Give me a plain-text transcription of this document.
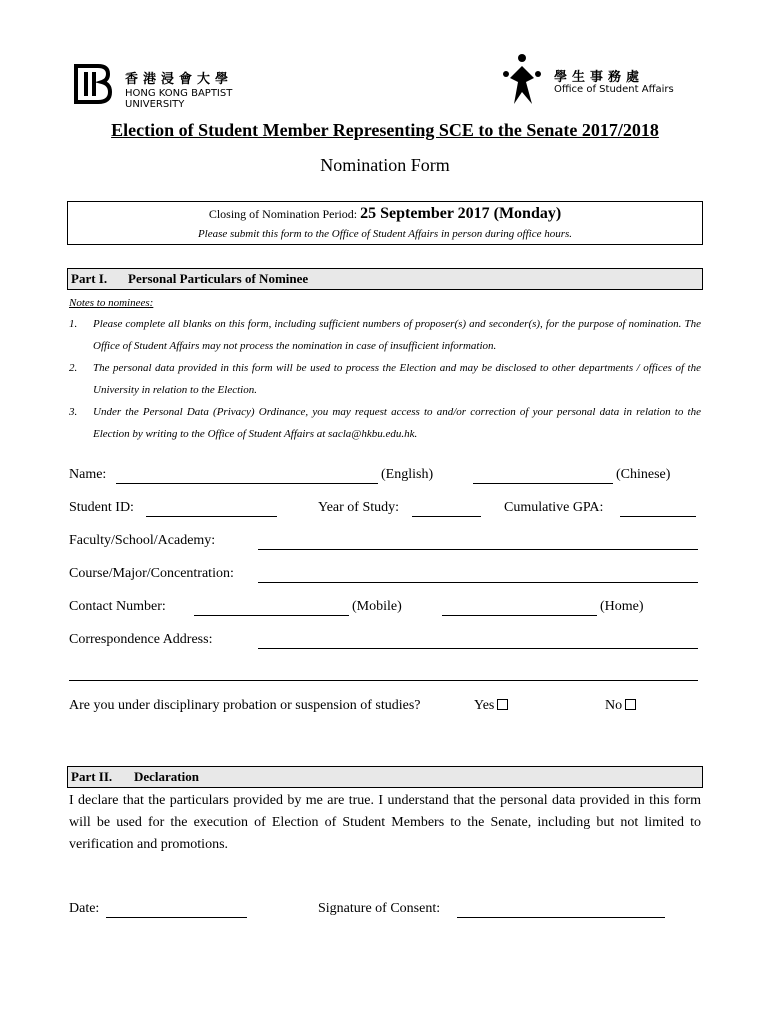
香港浸會大學
HONG KONG BAPTIST UNIVERSITY
學生事務處
Office of Student Affairs
Election of Student Member Representing SCE to the Senate 2017/2018
Nomination Form
Closing of Nomination Period: 25 September 2017 (Monday)
Please submit this form to the Office of Student Affairs in person during office hours.
Part I. Personal Particulars of Nominee
Notes to nominees:
1. Please complete all blanks on this form, including sufficient numbers of proposer(s) and seconder(s), for the purpose of nomination. The Office of Student Affairs may not process the nomination in case of insufficient information.
2. The personal data provided in this form will be used to process the Election and may be disclosed to other departments / offices of the University in relation to the Election.
3. Under the Personal Data (Privacy) Ordinance, you may request access to and/or correction of your personal data in relation to the Election by writing to the Office of Student Affairs at sacla@hkbu.edu.hk.
Name:	(English)	(Chinese)
Student ID:	Year of Study:	Cumulative GPA:
Faculty/School/Academy:
Course/Major/Concentration:
Contact Number:	(Mobile)	(Home)
Correspondence Address:
Are you under disciplinary probation or suspension of studies?	Yes	No
Part II. Declaration
I declare that the particulars provided by me are true. I understand that the personal data provided in this form will be used for the execution of Election of Student Members to the Senate, including but not limited to verification and promotions.
Date:	Signature of Consent:
